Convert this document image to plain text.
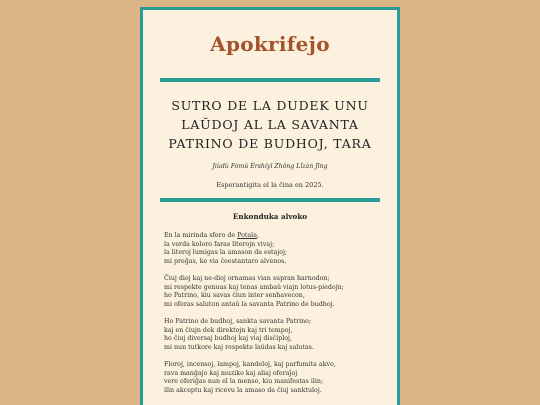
Apokrifejo
SUTRO DE LA DUDEK UNU LAŬDOJ AL LA SAVANTA PATRINO DE BUDHOJ, TARA
Jiùdù Fómǔ Èrshíyī Zhǒng Lǐzàn Jīng
Esperantigita el la ĉina en 2025.
Enkonduka alvoko
En la mirinda sfero de Potala,
la verda koloro faras literojn vivaj;
la literoj lumigas la amason da estajoj;
mi preĝas, ke via ĉeestantaro alvenos.
Ĉiuj dioj kaj ne-dioj ornamas vian supran harnodon;
mi respekte genuas kaj tenas ambaŭ viajn lotus-piedojn;
ho Patrino, kiu savas ĉiun inter senhavecon,
mi oferas saluton antaŭ la savanta Patrino de budhoj.
Ho Patrino de budhoj, sankta savanta Patrino;
kaj en ĉiujn dek direktojn kaj tri tempoj,
ho ĉiuj diversaj budhoj kaj viaj disĉiploj,
mi nun tutkore kaj respekte laŭdas kaj salutas.
Floroj, incensoj, lampoj, kandeloj, kaj parfumita akvo,
rava manĝajo kaj muziko kaj aliaj oferaĵoj
vere oferiĝas nun el la menso, kiu manifestas ilin;
ilin akceptu kaj ricevu la amaso da ĉiuj sanktuloj.
